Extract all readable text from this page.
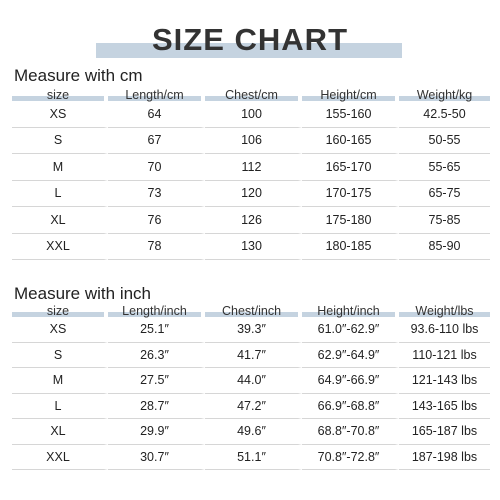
SIZE CHART
Measure with cm
size	Length/cm	Chest/cm	Height/cm	Weight/kg
XS	64	100	155-160	42.5-50
S	67	106	160-165	50-55
M	70	112	165-170	55-65
L	73	120	170-175	65-75
XL	76	126	175-180	75-85
XXL	78	130	180-185	85-90
Measure with inch
size	Length/inch	Chest/inch	Height/inch	Weight/lbs
XS	25.1″	39.3″	61.0″-62.9″	93.6-110 lbs
S	26.3″	41.7″	62.9″-64.9″	110-121 lbs
M	27.5″	44.0″	64.9″-66.9″	121-143 lbs
L	28.7″	47.2″	66.9″-68.8″	143-165 lbs
XL	29.9″	49.6″	68.8″-70.8″	165-187 lbs
XXL	30.7″	51.1″	70.8″-72.8″	187-198 lbs
